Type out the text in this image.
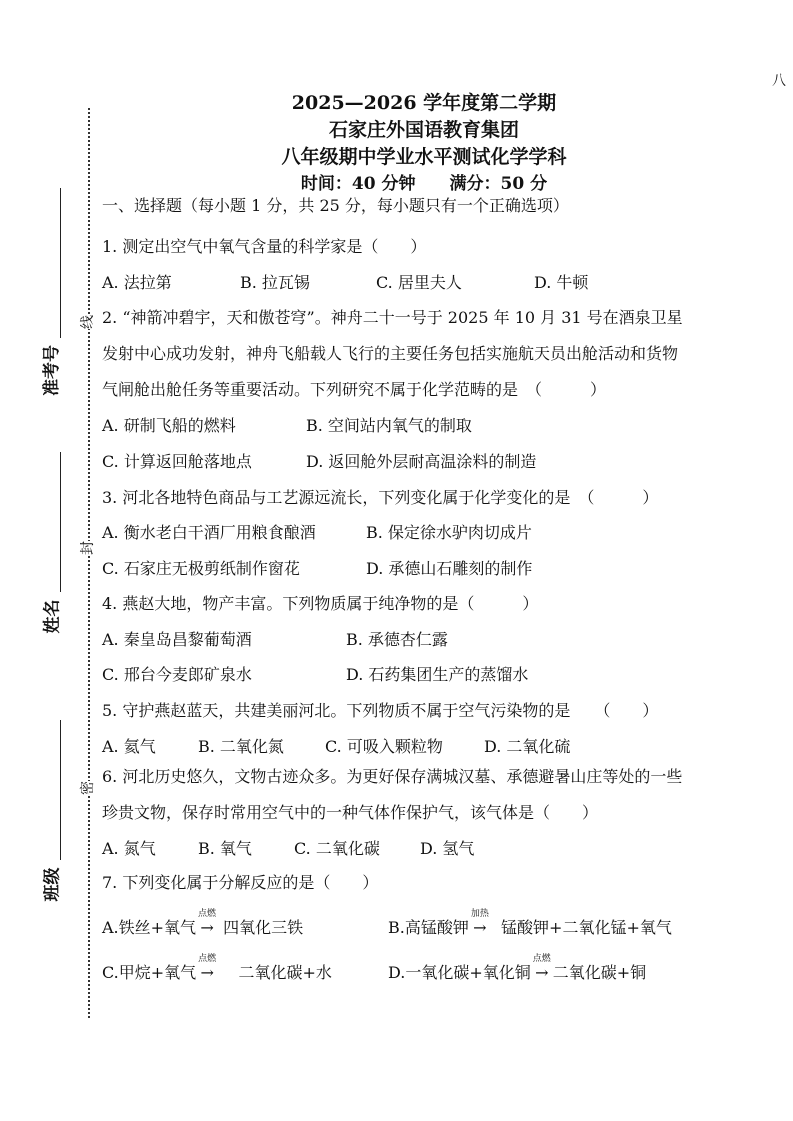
八
2025—2026 学年度第二学期
石家庄外国语教育集团
八年级期中学业水平测试化学学科
时间：40 分钟　　满分：50 分
线
封
密
准考号
姓名
班级
一、选择题（每小题 1 分，共 25 分，每小题只有一个正确选项）
1. 测定出空气中氧气含量的科学家是（　　）
A. 法拉第	B. 拉瓦锡	C. 居里夫人	D. 牛顿
2. “神箭冲碧宇，天和傲苍穹”。神舟二十一号于 2025 年 10 月 31 号在酒泉卫星
发射中心成功发射，神舟飞船载人飞行的主要任务包括实施航天员出舱活动和货物
气闸舱出舱任务等重要活动。下列研究不属于化学范畴的是　（　　　）
A. 研制飞船的燃料	B. 空间站内氧气的制取
C. 计算返回舱落地点	D. 返回舱外层耐高温涂料的制造
3. 河北各地特色商品与工艺源远流长，下列变化属于化学变化的是　（　　　）
A. 衡水老白干酒厂用粮食酿酒	B. 保定徐水驴肉切成片
C. 石家庄无极剪纸制作窗花	D. 承德山石雕刻的制作
4. 燕赵大地，物产丰富。下列物质属于纯净物的是（　　　）
A. 秦皇岛昌黎葡萄酒	B. 承德杏仁露
C. 邢台今麦郎矿泉水	D. 石药集团生产的蒸馏水
5. 守护燕赵蓝天，共建美丽河北。下列物质不属于空气污染物的是　　（　　）
A. 氦气	B. 二氧化氮	C. 可吸入颗粒物	D. 二氧化硫
6. 河北历史悠久，文物古迹众多。为更好保存满城汉墓、承德避暑山庄等处的一些
珍贵文物，保存时常用空气中的一种气体作保护气，该气体是（　　）
A. 氮气	B. 氧气	C. 二氧化碳	D. 氢气
7. 下列变化属于分解反应的是（　　）
A.铁丝+氧气
点燃
→ 四氧化三铁	B.高锰酸钾
加热
→ 锰酸钾+二氧化锰+氧气
C.甲烷+氧气
点燃
→ 二氧化碳+水	D.一氧化碳+氧化铜
点燃
→ 二氧化碳+铜
